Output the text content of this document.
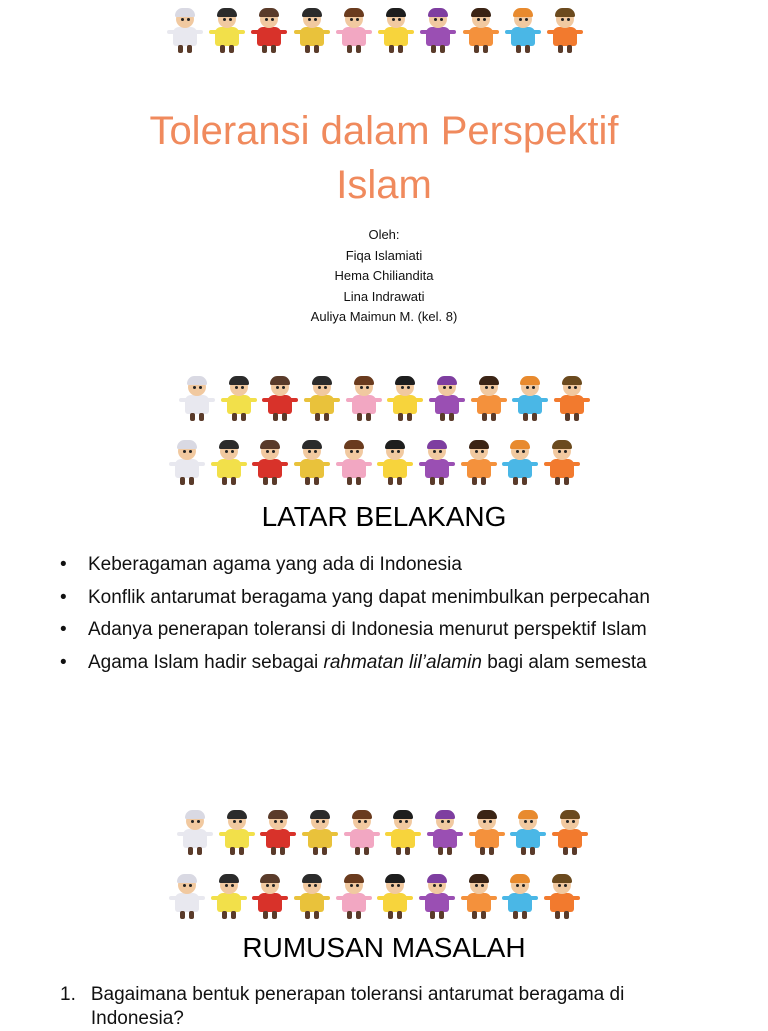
Toleransi dalam Perspektif Islam
Oleh:
Fiqa Islamiati
Hema Chiliandita
Lina Indrawati
Auliya Maimun M. (kel. 8)
LATAR BELAKANG
•	Keberagaman agama yang ada di Indonesia
•	Konflik antarumat beragama yang dapat menimbulkan perpecahan
•	Adanya penerapan toleransi di Indonesia menurut perspektif Islam
•	Agama Islam hadir sebagai rahmatan lil’alamin bagi alam semesta
RUMUSAN MASALAH
1. Bagaimana bentuk penerapan toleransi antarumat beragama di Indonesia?
